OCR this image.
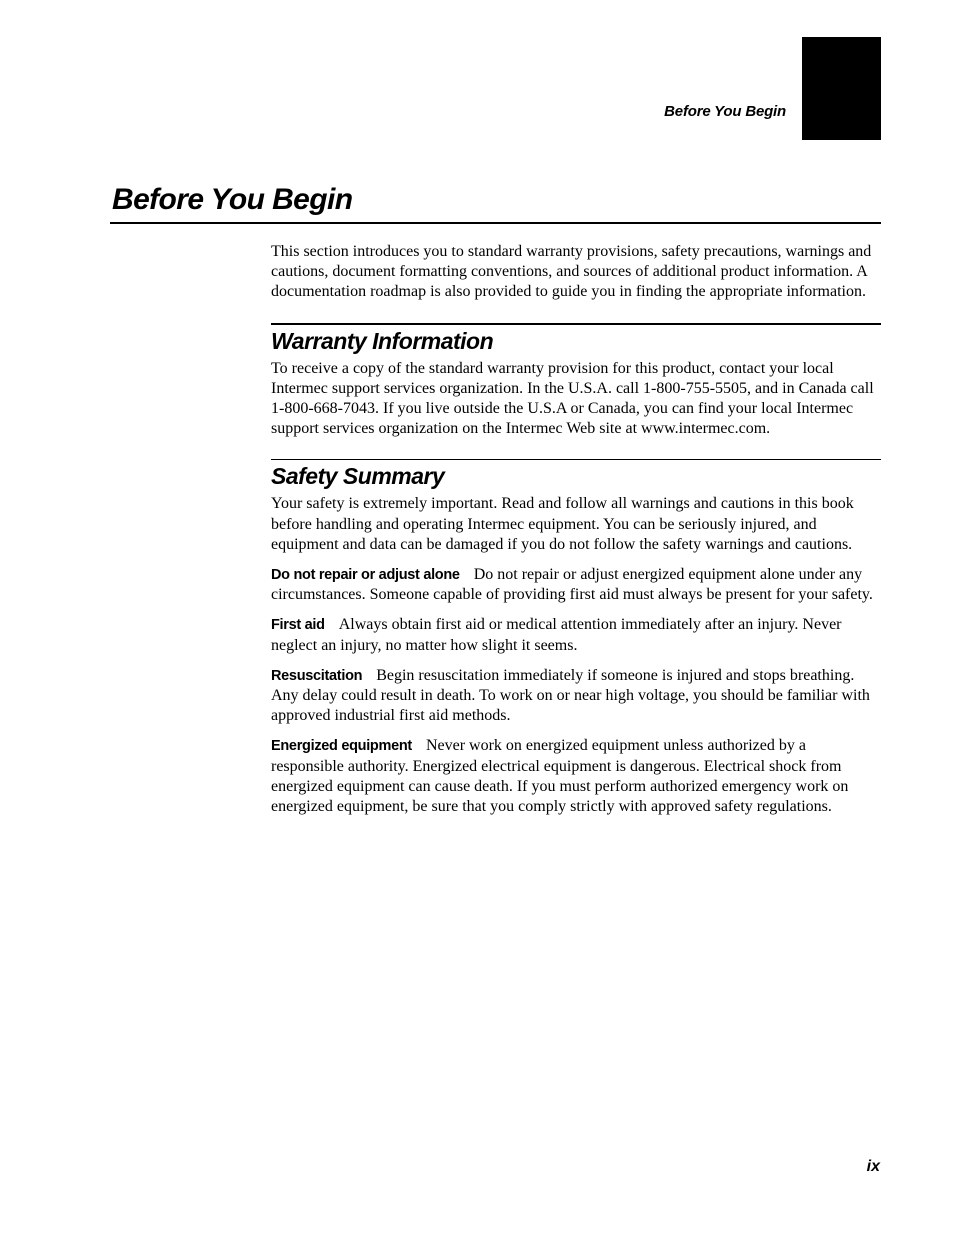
Before You Begin
Before You Begin

This section introduces you to standard warranty provisions, safety precautions, warnings and cautions, document formatting conventions, and sources of additional product information. A documentation roadmap is also provided to guide you in finding the appropriate information.

Warranty Information

To receive a copy of the standard warranty provision for this product, contact your local Intermec support services organization. In the U.S.A. call 1-800-755-5505, and in Canada call 1-800-668-7043. If you live outside the U.S.A or Canada, you can find your local Intermec support services organization on the Intermec Web site at www.intermec.com.

Safety Summary

Your safety is extremely important. Read and follow all warnings and cautions in this book before handling and operating Intermec equipment. You can be seriously injured, and equipment and data can be damaged if you do not follow the safety warnings and cautions.

Do not repair or adjust alone Do not repair or adjust energized equipment alone under any circumstances. Someone capable of providing first aid must always be present for your safety.

First aid Always obtain first aid or medical attention immediately after an injury. Never neglect an injury, no matter how slight it seems.

Resuscitation Begin resuscitation immediately if someone is injured and stops breathing. Any delay could result in death. To work on or near high voltage, you should be familiar with approved industrial first aid methods.

Energized equipment Never work on energized equipment unless authorized by a responsible authority. Energized electrical equipment is dangerous. Electrical shock from energized equipment can cause death. If you must perform authorized emergency work on energized equipment, be sure that you comply strictly with approved safety regulations.

ix
